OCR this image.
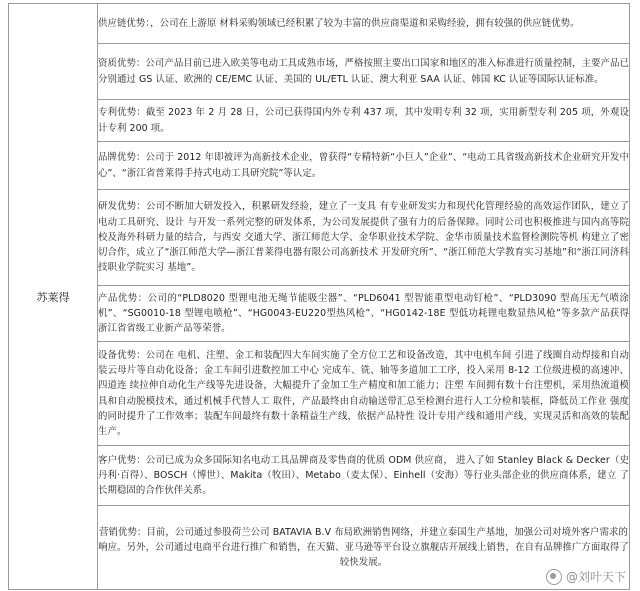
苏莱得	
供应链优势：，公司在上游原 材料采购领域已经积累了较为丰富的供应商渠道和采购经验，拥有较强的供应链优势。

资质优势：公司产品目前已进入欧美等电动工具成熟市场，严格按照主要出口国家和地区的准入标准进行质量控制，主要产品已分别通过 GS 认证、欧洲的 CE/EMC 认证、美国的 UL/ETL 认证、澳大利亚 SAA 认证、韩国 KC 认证等国际认证标准。

专利优势：截至 2023 年 2 月 28 日，公司已获得国内外专利 437 项，其中发明专利 32 项，实用新型专利 205 项，外观设计专利 200 项。

品牌优势：公司于 2012 年即被评为高新技术企业，曾获得“专精特新“小巨人”企业”、“电动工具省级高新技术企业研究开发中心”、“浙江省普莱得手持式电动工具研究院”等认定。

研发优势：公司不断加大研发投入，积累研发经验，建立了一支具 有专业研发实力和现代化管理经验的高效运作团队，建立了电动工具研究、设计 与开发一系列完整的研发体系，为公司发展提供了强有力的后备保障。同时公司也积极推进与国内高等院校及海外科研力量的结合，与西安 交通大学、浙江师范大学、金华职业技术学院、金华市质量技术监督检测院等机 构建立了密切合作，成立了“浙江师范大学—浙江普莱得电器有限公司高新技术 开发研究所”、“浙江师范大学教育实习基地”和“浙江同济科技职业学院实习 基地”。

产品优势：公司的“PLD8020 型锂电池无绳节能吸尘器”、“PLD6041 型智能重型电动钉枪”、“PLD3090 型高压无气喷涂机”、“SG0010-18 型锂电喷枪”、“HG0043-EU220型热风枪”、“HG0142-18E 型低功耗锂电数显热风枪”等多款产品获得浙江省省级工业新产品等荣誉。

设备优势：公司在 电机、注塑、金工和装配四大车间实施了全方位工艺和设备改造，其中电机车间 引进了线圈自动焊接和自动装云母片等自动化设备；金工车间引进数控加工中心 完成车、铣、轴等多道加工工序，投入采用 8-12 工位级进模的高速冲、四道连 续拉伸自动化生产线等先进设备，大幅提升了金加工生产精度和加工能力；注塑 车间拥有数十台注塑机，采用热流道模具和自动脱模技术，通过机械手代替人工 取件，产品最终由自动输送带汇总至检测台进行人工分检和装框，降低员工作业 强度的同时提升了工作效率；装配车间最终有数十条精益生产线，依据产品特性 设计专用产线和通用产线，实现灵活和高效的装配生产。

客户优势：公司已成为众多国际知名电动工具品牌商及零售商的优质 ODM 供应商， 进入了如 Stanley Black & Decker（史丹利·百得）、BOSCH（博世）、Makita（牧田）、Metabo（麦太保）、Einhell（安海）等行业头部企业的供应商体系，建立 了长期稳固的合作伙伴关系。

营销优势：目前，公司通过参股荷兰公司 BATAVIA B.V 布局欧洲销售网络，并建立泰国生产基地，加强公司对境外客户需求的响应。另外，公司通过电商平台进行推广和销售，在天猫、亚马逊等平台设立旗舰店开展线上销售，在自有品牌推广方面取得了较快发展。
@刘叶天下
